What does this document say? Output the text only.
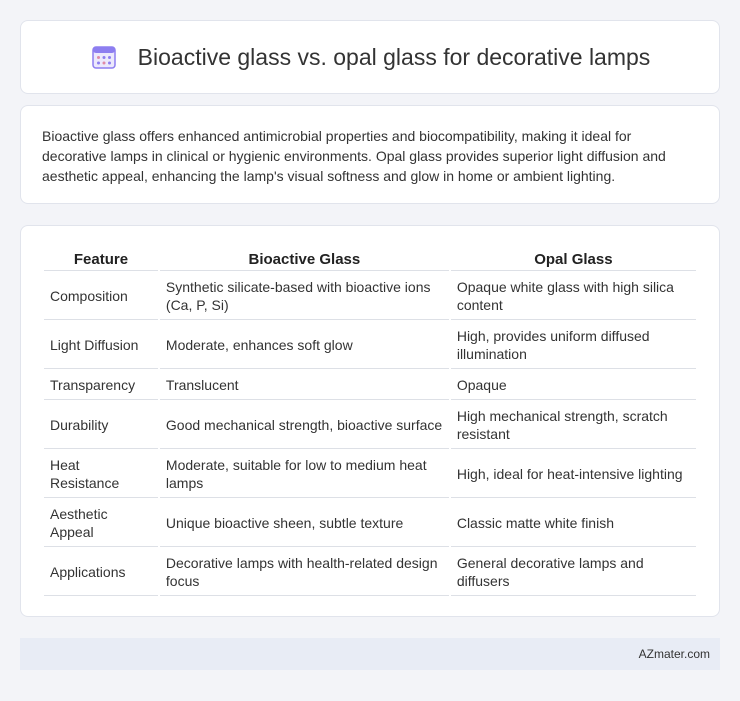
Bioactive glass vs. opal glass for decorative lamps

Bioactive glass offers enhanced antimicrobial properties and biocompatibility, making it ideal for decorative lamps in clinical or hygienic environments. Opal glass provides superior light diffusion and aesthetic appeal, enhancing the lamp's visual softness and glow in home or ambient lighting.

Feature	Bioactive Glass	Opal Glass
Composition	Synthetic silicate-based with bioactive ions (Ca, P, Si)	Opaque white glass with high silica content
Light Diffusion	Moderate, enhances soft glow	High, provides uniform diffused illumination
Transparency	Translucent	Opaque
Durability	Good mechanical strength, bioactive surface	High mechanical strength, scratch resistant
Heat Resistance	Moderate, suitable for low to medium heat lamps	High, ideal for heat-intensive lighting
Aesthetic Appeal	Unique bioactive sheen, subtle texture	Classic matte white finish
Applications	Decorative lamps with health-related design focus	General decorative lamps and diffusers
AZmater.com
